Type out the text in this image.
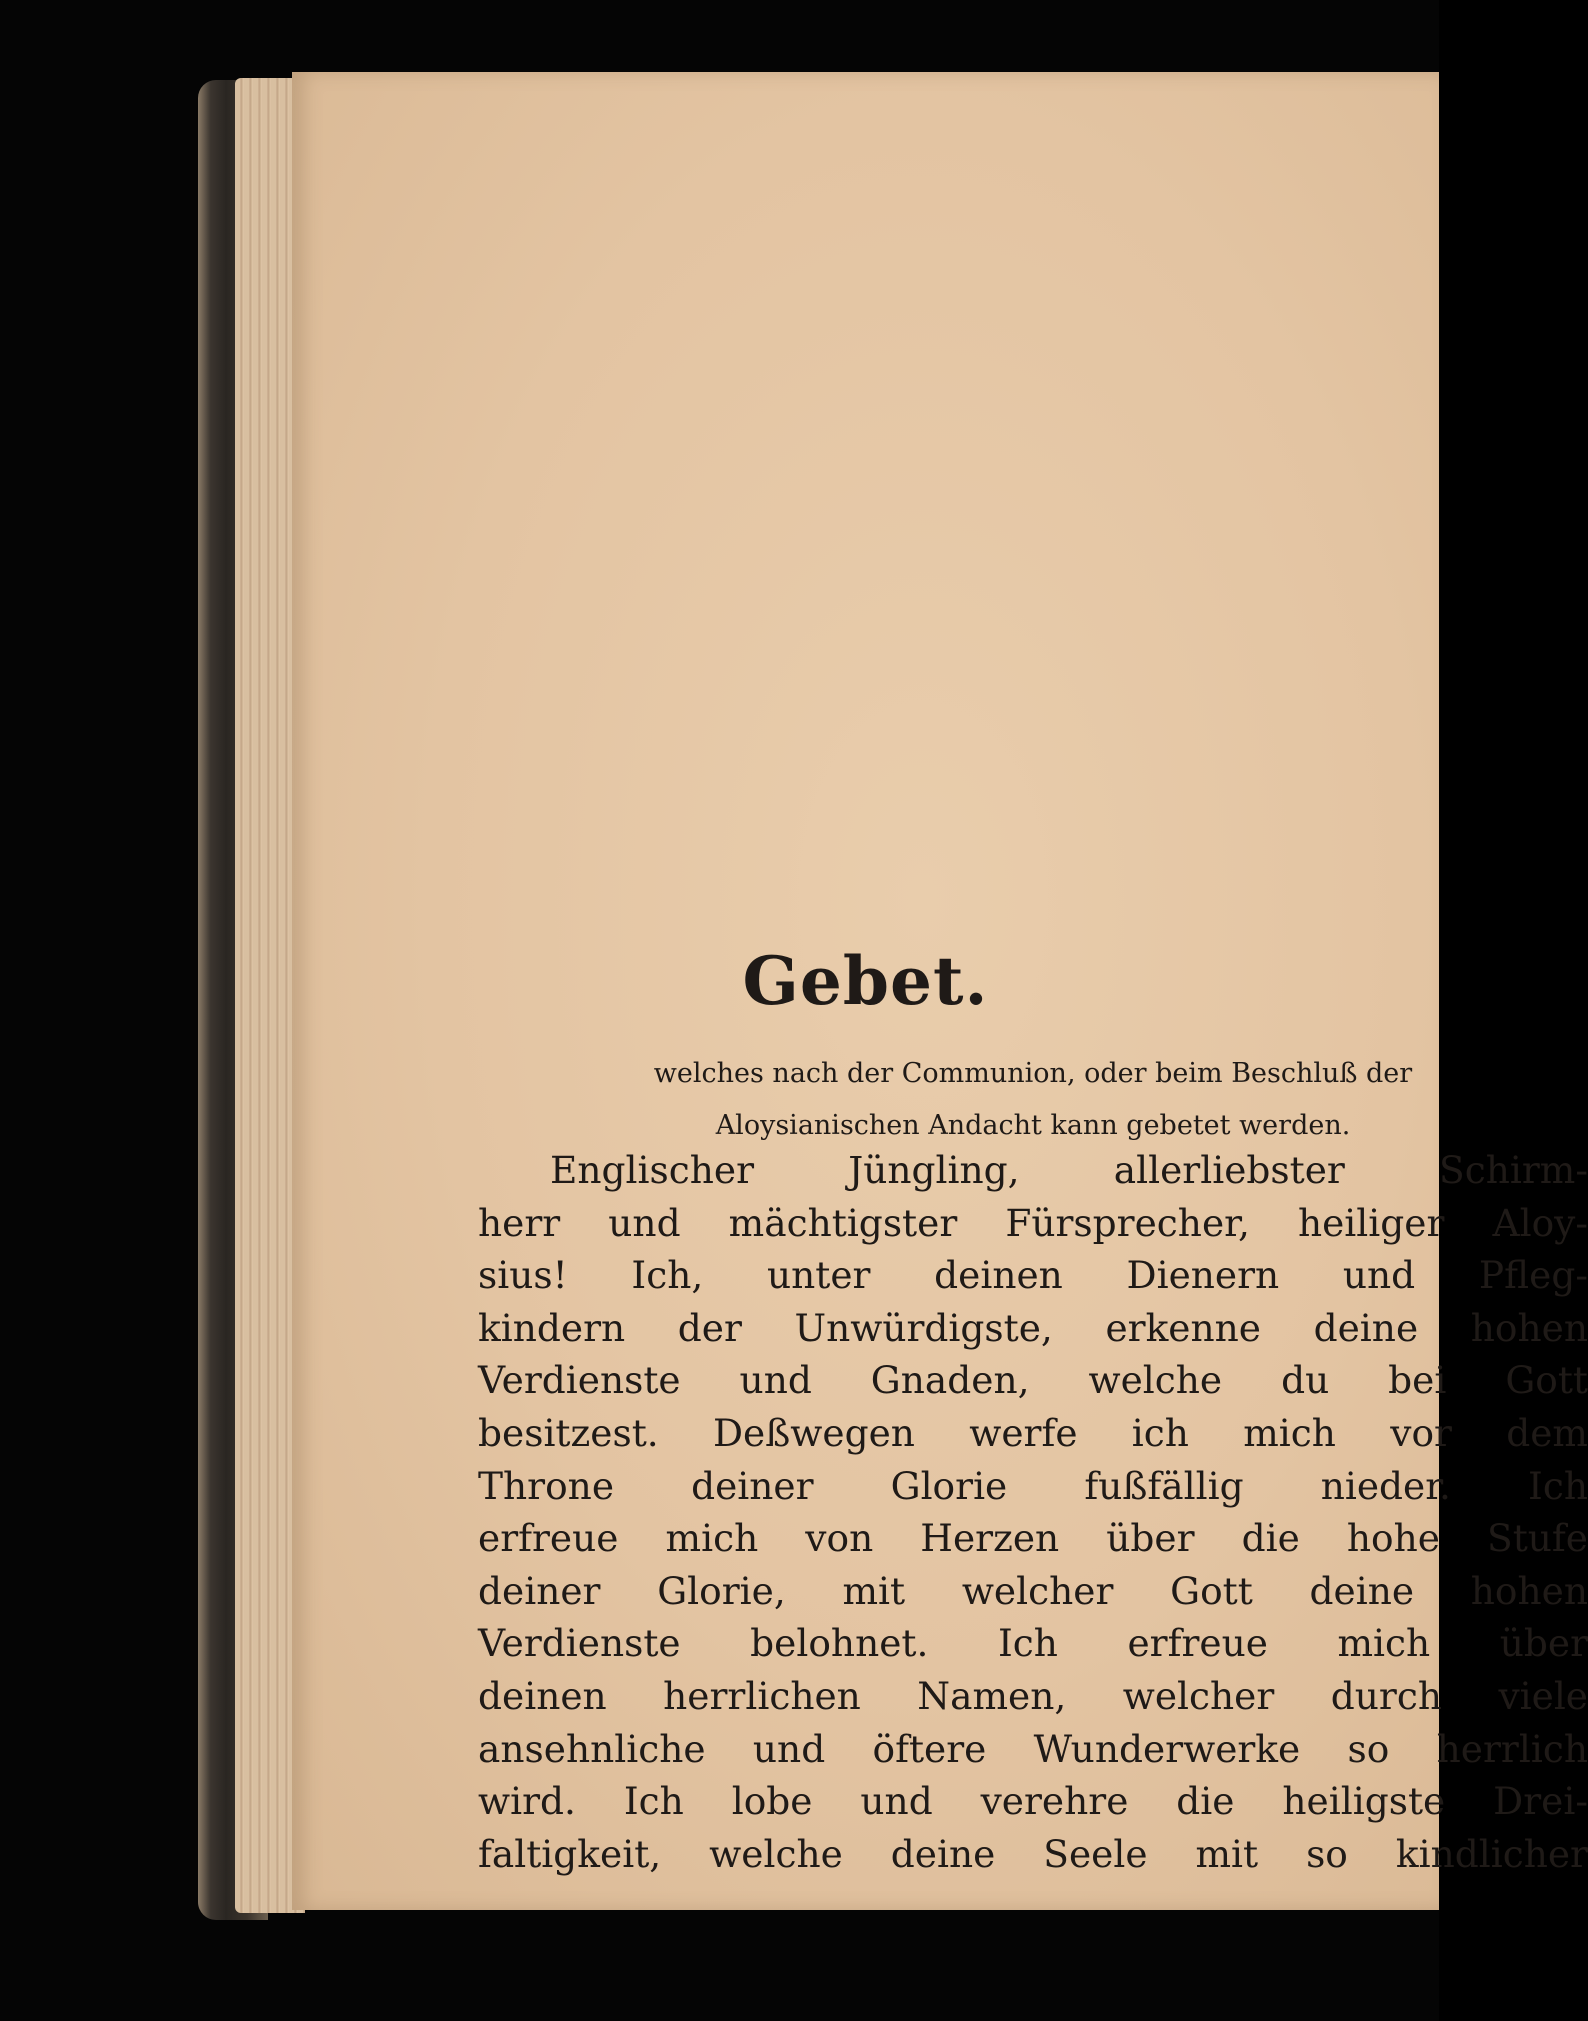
Gebet.
welches nach der Communion, oder beim Beschluß der
Aloysianischen Andacht kann gebetet werden.
Englischer Jüngling, allerliebster Schirm-
herr und mächtigster Fürsprecher, heiliger Aloy-
sius! Ich, unter deinen Dienern und Pfleg-
kindern der Unwürdigste, erkenne deine hohen
Verdienste und Gnaden, welche du bei Gott
besitzest. Deßwegen werfe ich mich vor dem
Throne deiner Glorie fußfällig nieder. Ich
erfreue mich von Herzen über die hohe Stufe
deiner Glorie, mit welcher Gott deine hohen
Verdienste belohnet. Ich erfreue mich über
deinen herrlichen Namen, welcher durch viele
ansehnliche und öftere Wunderwerke so herrlich
wird. Ich lobe und verehre die heiligste Drei-
faltigkeit, welche deine Seele mit so kindlicher
